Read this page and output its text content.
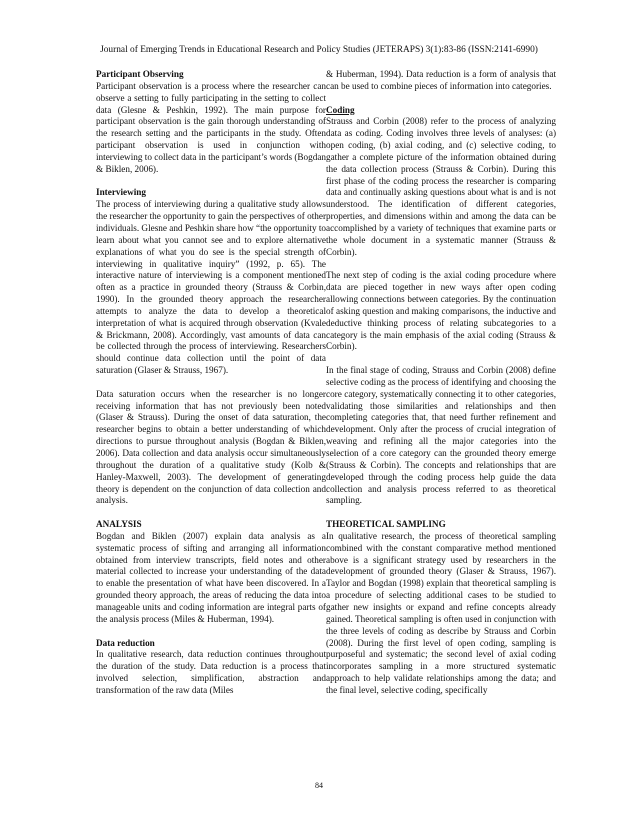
Journal of Emerging Trends in Educational Research and Policy Studies (JETERAPS) 3(1):83-86 (ISSN:2141-6990)
Participant Observing

Participant observation is a process where the researcher can observe a setting to fully participating in the setting to collect data (Glesne & Peshkin, 1992). The main purpose for participant observation is the gain thorough understanding of the research setting and the participants in the study. Often participant observation is used in conjunction with interviewing to collect data in the participant’s words (Bogdan & Biklen, 2006).

Interviewing

The process of interviewing during a qualitative study allows the researcher the opportunity to gain the perspectives of other individuals. Glesne and Peshkin share how “the opportunity to learn about what you cannot see and to explore alternative explanations of what you do see is the special strength of interviewing in qualitative inquiry” (1992, p. 65). The interactive nature of interviewing is a component mentioned often as a practice in grounded theory (Strauss & Corbin, 1990). In the grounded theory approach the researcher attempts to analyze the data to develop a theoretical interpretation of what is acquired through observation (Kvale & Brickmann, 2008). Accordingly, vast amounts of data can be collected through the process of interviewing. Researchers should continue data collection until the point of data saturation (Glaser & Strauss, 1967).

Data saturation occurs when the researcher is no longer receiving information that has not previously been noted (Glaser & Strauss). During the onset of data saturation, the researcher begins to obtain a better understanding of which directions to pursue throughout analysis (Bogdan & Biklen, 2006). Data collection and data analysis occur simultaneously throughout the duration of a qualitative study (Kolb & Hanley-Maxwell, 2003). The development of generating theory is dependent on the conjunction of data collection and analysis.

ANALYSIS

Bogdan and Biklen (2007) explain data analysis as a systematic process of sifting and arranging all information obtained from interview transcripts, field notes and other material collected to increase your understanding of the data to enable the presentation of what have been discovered. In a grounded theory approach, the areas of reducing the data into manageable units and coding information are integral parts of the analysis process (Miles & Huberman, 1994).

Data reduction

In qualitative research, data reduction continues throughout the duration of the study. Data reduction is a process that involved selection, simplification, abstraction and transformation of the raw data (Miles

& Huberman, 1994). Data reduction is a form of analysis that can be used to combine pieces of information into categories.

Coding

Strauss and Corbin (2008) refer to the process of analyzing data as coding. Coding involves three levels of analyses: (a) open coding, (b) axial coding, and (c) selective coding, to gather a complete picture of the information obtained during the data collection process (Strauss & Corbin). During this first phase of the coding process the researcher is comparing data and continually asking questions about what is and is not understood. The identification of different categories, properties, and dimensions within and among the data can be accomplished by a variety of techniques that examine parts or the whole document in a systematic manner (Strauss & Corbin).

The next step of coding is the axial coding procedure where data are pieced together in new ways after open coding allowing connections between categories. By the continuation of asking question and making comparisons, the inductive and deductive thinking process of relating subcategories to a category is the main emphasis of the axial coding (Strauss & Corbin).

In the final stage of coding, Strauss and Corbin (2008) define selective coding as the process of identifying and choosing the core category, systematically connecting it to other categories, validating those similarities and relationships and then completing categories that, that need further refinement and development. Only after the process of crucial integration of weaving and refining all the major categories into the selection of a core category can the grounded theory emerge (Strauss & Corbin). The concepts and relationships that are developed through the coding process help guide the data collection and analysis process referred to as theoretical sampling.

THEORETICAL SAMPLING

In qualitative research, the process of theoretical sampling combined with the constant comparative method mentioned above is a significant strategy used by researchers in the development of grounded theory (Glaser & Strauss, 1967). Taylor and Bogdan (1998) explain that theoretical sampling is a procedure of selecting additional cases to be studied to gather new insights or expand and refine concepts already gained. Theoretical sampling is often used in conjunction with the three levels of coding as describe by Strauss and Corbin (2008). During the first level of open coding, sampling is purposeful and systematic; the second level of axial coding incorporates sampling in a more structured systematic approach to help validate relationships among the data; and the final level, selective coding, specifically

84
